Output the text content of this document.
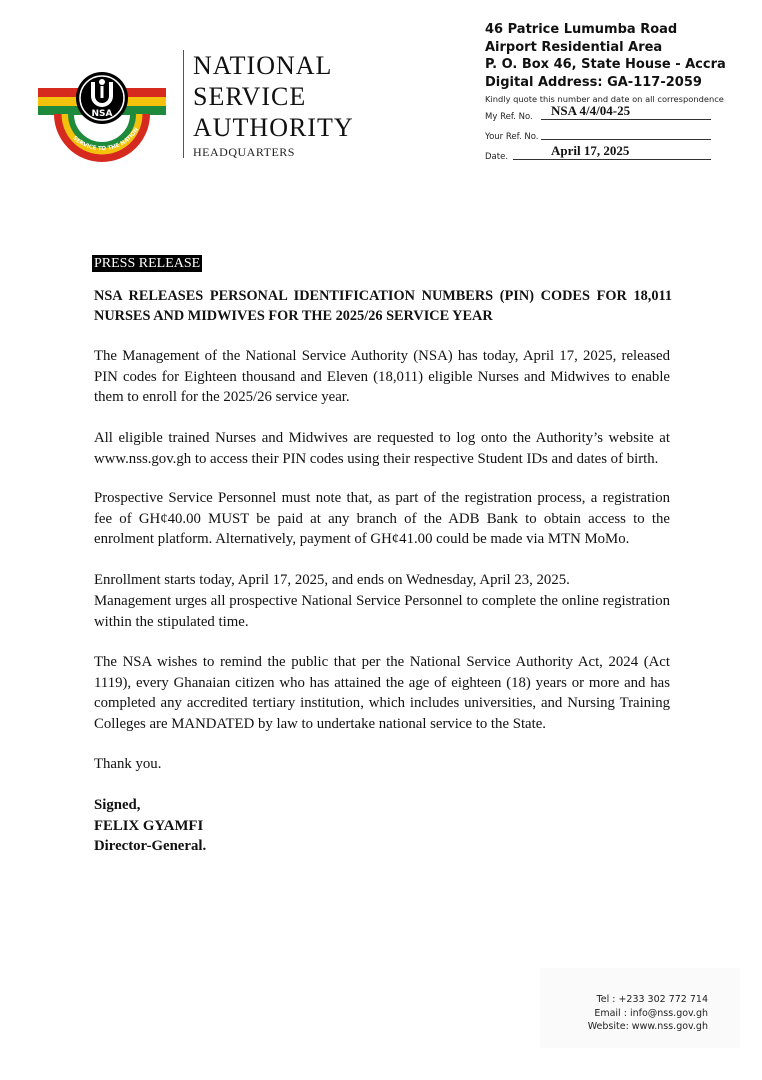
NSA
SERVICE TO THE NATION
NATIONAL
SERVICE
AUTHORITY
HEADQUARTERS
46 Patrice Lumumba Road
Airport Residential Area
P. O. Box 46, State House - Accra
Digital Address: GA-117-2059
Kindly quote this number and date on all correspondence
My Ref. No. NSA 4/4/04-25
Your Ref. No.
Date.	April 17, 2025
PRESS RELEASE
NSA RELEASES PERSONAL IDENTIFICATION NUMBERS (PIN) CODES FOR 18,011 NURSES AND MIDWIVES FOR THE 2025/26 SERVICE YEAR
The Management of the National Service Authority (NSA) has today, April 17, 2025, released PIN codes for Eighteen thousand and Eleven (18,011) eligible Nurses and Midwives to enable them to enroll for the 2025/26 service year.
All eligible trained Nurses and Midwives are requested to log onto the Authority’s website at www.nss.gov.gh to access their PIN codes using their respective Student IDs and dates of birth.
Prospective Service Personnel must note that, as part of the registration process, a registration fee of GH¢40.00 MUST be paid at any branch of the ADB Bank to obtain access to the enrolment platform. Alternatively, payment of GH¢41.00 could be made via MTN MoMo.
Enrollment starts today, April 17, 2025, and ends on Wednesday, April 23, 2025.
Management urges all prospective National Service Personnel to complete the online registration within the stipulated time.
The NSA wishes to remind the public that per the National Service Authority Act, 2024 (Act 1119), every Ghanaian citizen who has attained the age of eighteen (18) years or more and has completed any accredited tertiary institution, which includes universities, and Nursing Training Colleges are MANDATED by law to undertake national service to the State.
Thank you.
Signed,
FELIX GYAMFI
Director-General.
Tel : +233 302 772 714
Email : info@nss.gov.gh
Website: www.nss.gov.gh
